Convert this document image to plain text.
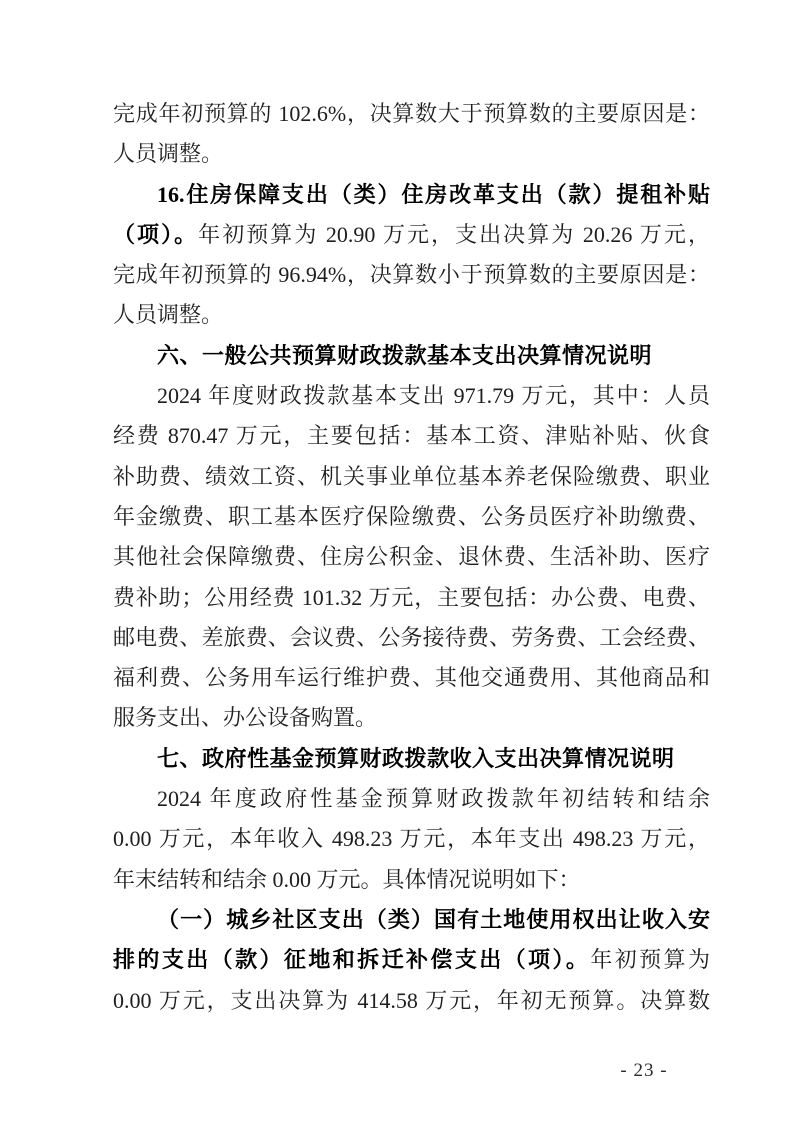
完成年初预算的 102.6%，决算数大于预算数的主要原因是：
人员调整。
16.住房保障支出（类）住房改革支出（款）提租补贴
（项）。年初预算为 20.90 万元，支出决算为 20.26 万元，
完成年初预算的 96.94%，决算数小于预算数的主要原因是：
人员调整。
六、一般公共预算财政拨款基本支出决算情况说明
2024 年度财政拨款基本支出 971.79 万元，其中：人员
经费 870.47 万元，主要包括：基本工资、津贴补贴、伙食
补助费、绩效工资、机关事业单位基本养老保险缴费、职业
年金缴费、职工基本医疗保险缴费、公务员医疗补助缴费、
其他社会保障缴费、住房公积金、退休费、生活补助、医疗
费补助；公用经费 101.32 万元，主要包括：办公费、电费、
邮电费、差旅费、会议费、公务接待费、劳务费、工会经费、
福利费、公务用车运行维护费、其他交通费用、其他商品和
服务支出、办公设备购置。
七、政府性基金预算财政拨款收入支出决算情况说明
2024 年度政府性基金预算财政拨款年初结转和结余
0.00 万元，本年收入 498.23 万元，本年支出 498.23 万元，
年末结转和结余 0.00 万元。具体情况说明如下：
（一）城乡社区支出（类）国有土地使用权出让收入安
排的支出（款）征地和拆迁补偿支出（项）。年初预算为
0.00 万元，支出决算为 414.58 万元，年初无预算。决算数
- 23 -
